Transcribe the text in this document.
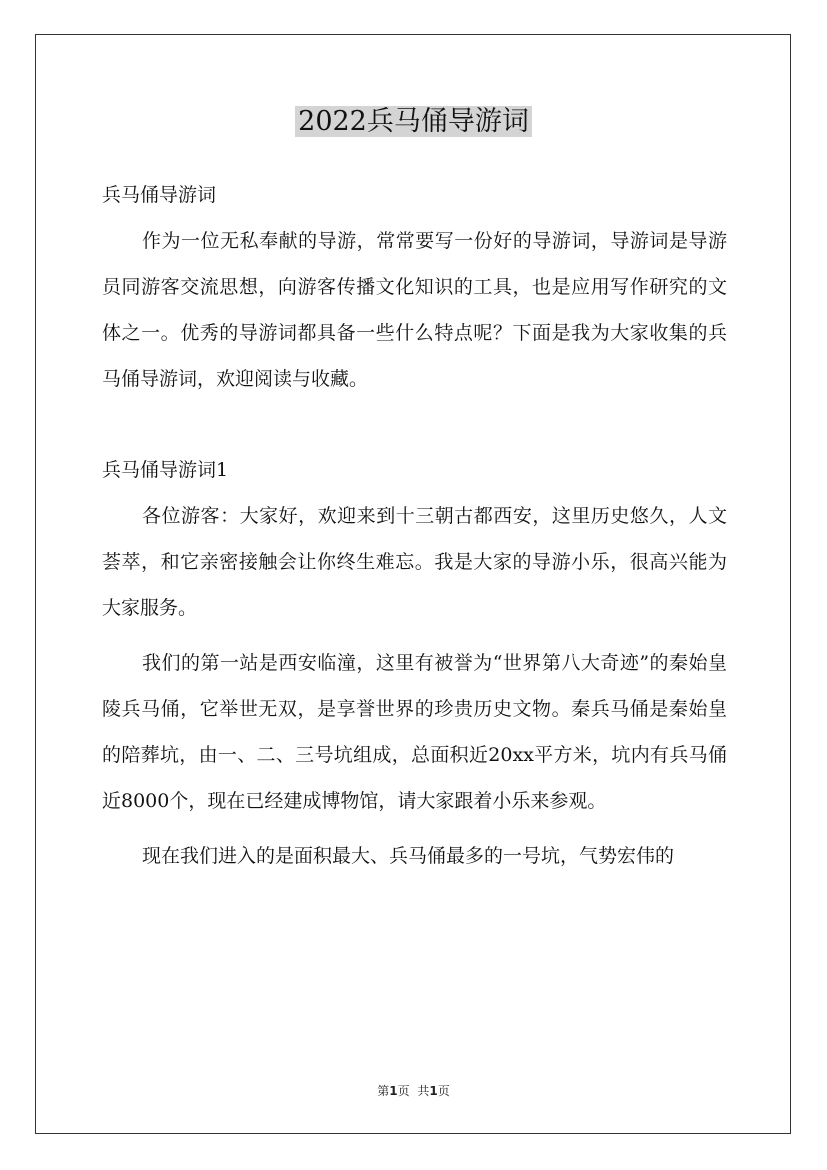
2022兵马俑导游词

兵马俑导游词

作为一位无私奉献的导游，常常要写一份好的导游词，导游词是导游员同游客交流思想，向游客传播文化知识的工具，也是应用写作研究的文体之一。优秀的导游词都具备一些什么特点呢？下面是我为大家收集的兵马俑导游词，欢迎阅读与收藏。

兵马俑导游词1

各位游客：大家好，欢迎来到十三朝古都西安，这里历史悠久，人文荟萃，和它亲密接触会让你终生难忘。我是大家的导游小乐，很高兴能为大家服务。

我们的第一站是西安临潼，这里有被誉为“世界第八大奇迹”的秦始皇陵兵马俑，它举世无双，是享誉世界的珍贵历史文物。秦兵马俑是秦始皇的陪葬坑，由一、二、三号坑组成，总面积近20xx平方米，坑内有兵马俑近8000个，现在已经建成博物馆，请大家跟着小乐来参观。

现在我们进入的是面积最大、兵马俑最多的一号坑，气势宏伟的

第1页 共1页
